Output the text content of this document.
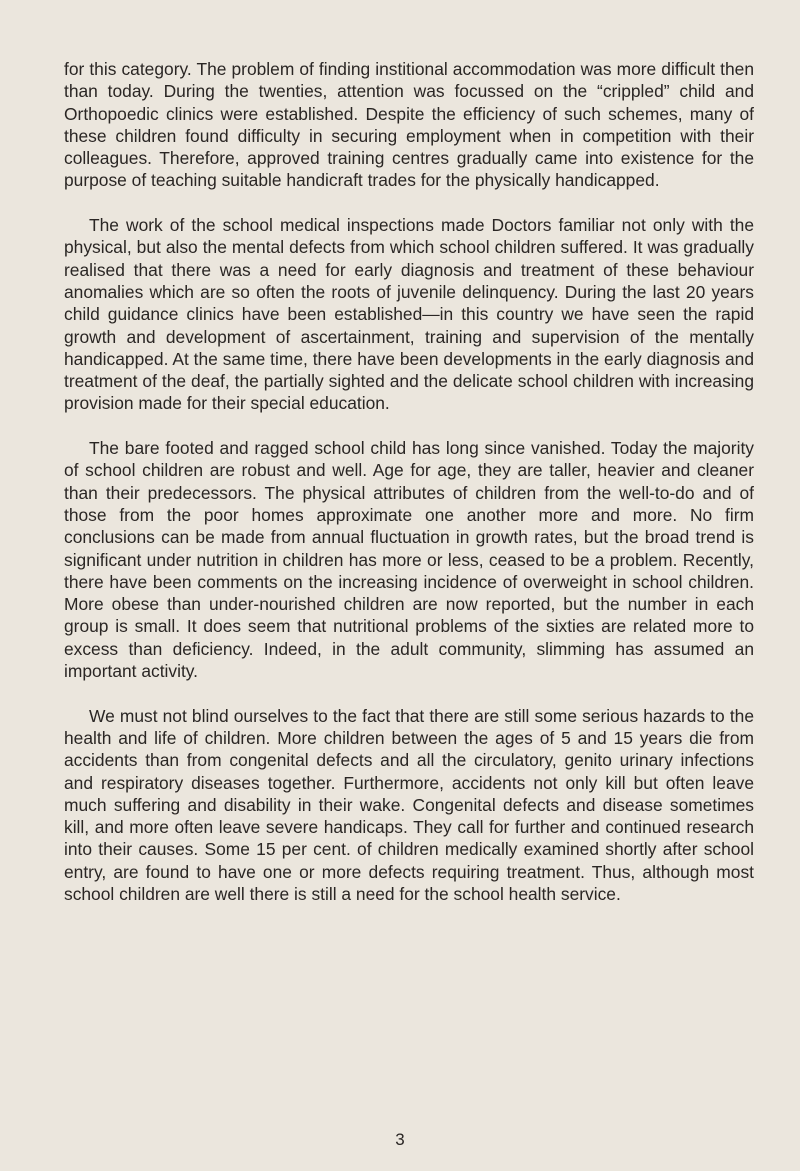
for this category. The problem of finding institional accommodation was more difficult then than today. During the twenties, attention was focussed on the “crippled” child and Orthopoedic clinics were established. Despite the efficiency of such schemes, many of these children found difficulty in securing employment when in competition with their colleagues. Therefore, approved training centres gradually came into existence for the purpose of teaching suitable handicraft trades for the physically handicapped.

The work of the school medical inspections made Doctors familiar not only with the physical, but also the mental defects from which school children suffered. It was gradually realised that there was a need for early diagnosis and treatment of these behaviour anomalies which are so often the roots of juvenile delinquency. During the last 20 years child guidance clinics have been established—in this country we have seen the rapid growth and development of ascertainment, training and supervision of the mentally handicapped. At the same time, there have been developments in the early diagnosis and treatment of the deaf, the partially sighted and the delicate school children with increasing provision made for their special education.

The bare footed and ragged school child has long since vanished. Today the majority of school children are robust and well. Age for age, they are taller, heavier and cleaner than their predecessors. The physical attributes of children from the well-to-do and of those from the poor homes approximate one another more and more. No firm conclusions can be made from annual fluctuation in growth rates, but the broad trend is significant under nutrition in children has more or less, ceased to be a problem. Recently, there have been comments on the increasing incidence of overweight in school children. More obese than under-nourished children are now reported, but the number in each group is small. It does seem that nutritional problems of the sixties are related more to excess than deficiency. Indeed, in the adult community, slimming has assumed an important activity.

We must not blind ourselves to the fact that there are still some serious hazards to the health and life of children. More children between the ages of 5 and 15 years die from accidents than from congenital defects and all the circulatory, genito urinary infections and respiratory diseases together. Furthermore, accidents not only kill but often leave much suffering and disability in their wake. Congenital defects and disease sometimes kill, and more often leave severe handicaps. They call for further and continued research into their causes. Some 15 per cent. of children medically examined shortly after school entry, are found to have one or more defects requiring treatment. Thus, although most school children are well there is still a need for the school health service.

3
